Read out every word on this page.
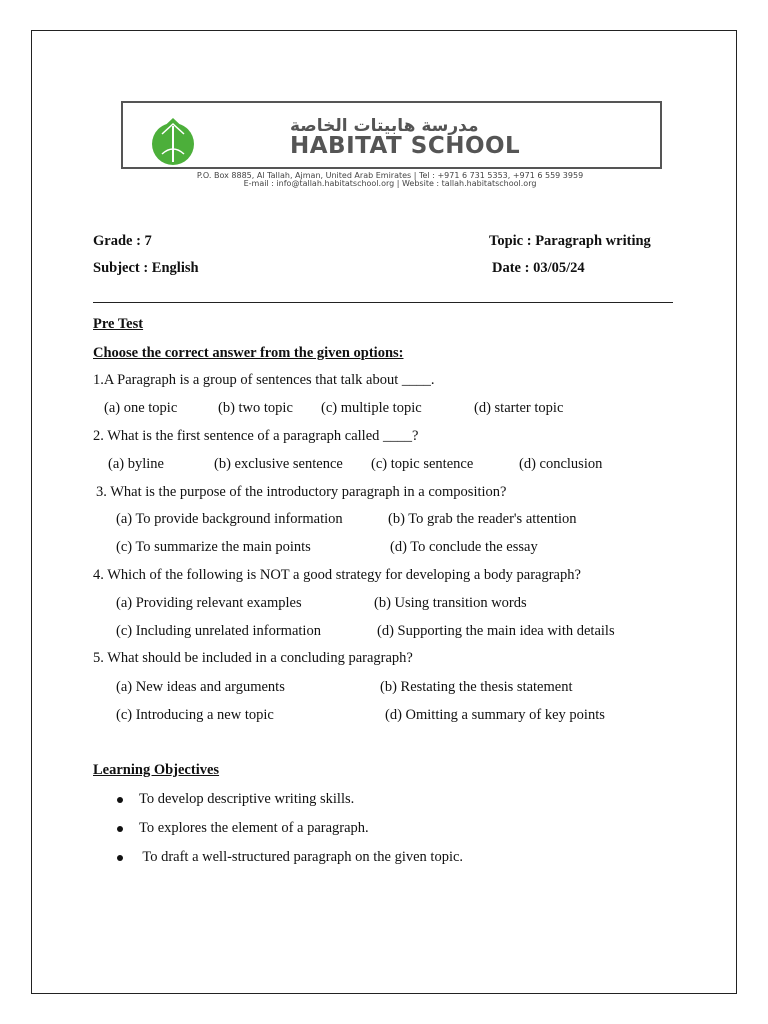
مدرسة هابيتات الخاصة
HABITAT SCHOOL
P.O. Box 8885, Al Tallah, Ajman, United Arab Emirates | Tel : +971 6 731 5353, +971 6 559 3959
E-mail : info@tallah.habitatschool.org | Website : tallah.habitatschool.org
Grade : 7
Subject : English
Topic : Paragraph writing
Date : 03/05/24
Pre Test
Choose the correct answer from the given options:
1.A Paragraph is a group of sentences that talk about ____.
(a) one topic	(b) two topic (c) multiple topic	(d) starter topic
2. What is the first sentence of a paragraph called ____?
(a) byline	(b) exclusive sentence (c) topic sentence	(d) conclusion
3. What is the purpose of the introductory paragraph in a composition?
(a) To provide background information	(b) To grab the reader's attention
(c) To summarize the main points	(d) To conclude the essay
4. Which of the following is NOT a good strategy for developing a body paragraph?
(a) Providing relevant examples	(b) Using transition words
(c) Including unrelated information	(d) Supporting the main idea with details
5. What should be included in a concluding paragraph?
(a) New ideas and arguments	(b) Restating the thesis statement
(c) Introducing a new topic	(d) Omitting a summary of key points
Learning Objectives
To develop descriptive writing skills.
To explores the element of a paragraph.
To draft a well-structured paragraph on the given topic.
